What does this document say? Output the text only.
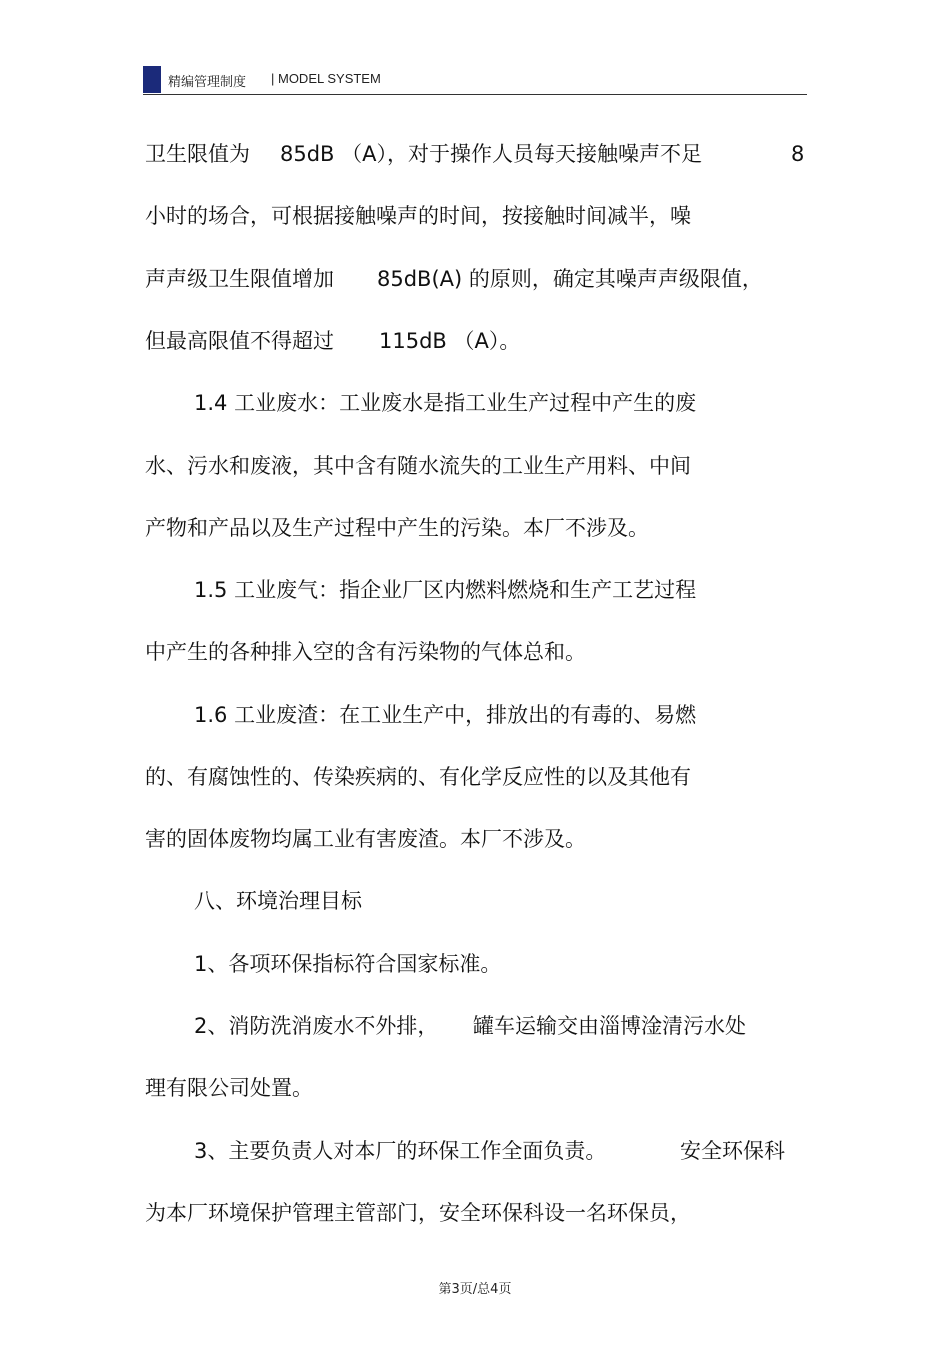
精编管理制度 | MODEL SYSTEM

卫生限值为

85dB （A），对于操作人员每天接触噪声不足

	8

小时的场合，可根据接触噪声的时间，按接触时间减半，噪

声声级卫生限值增加

85dB(A) 的原则，确定其噪声声级限值，

但最高限值不得超过

115dB （A）。

1.4 工业废水：工业废水是指工业生产过程中产生的废

水、污水和废液，其中含有随水流失的工业生产用料、中间

产物和产品以及生产过程中产生的污染。本厂不涉及。

1.5 工业废气：指企业厂区内燃料燃烧和生产工艺过程

中产生的各种排入空的含有污染物的气体总和。

1.6 工业废渣：在工业生产中，排放出的有毒的、易燃

的、有腐蚀性的、传染疾病的、有化学反应性的以及其他有

害的固体废物均属工业有害废渣。本厂不涉及。

八、环境治理目标

1、各项环保指标符合国家标准。

2、消防洗消废水不外排，

罐车运输交由淄博淦清污水处

理有限公司处置。

3、主要负责人对本厂的环保工作全面负责。

	安全环保科

为本厂环境保护管理主管部门，安全环保科设一名环保员，

第3页/总4页
